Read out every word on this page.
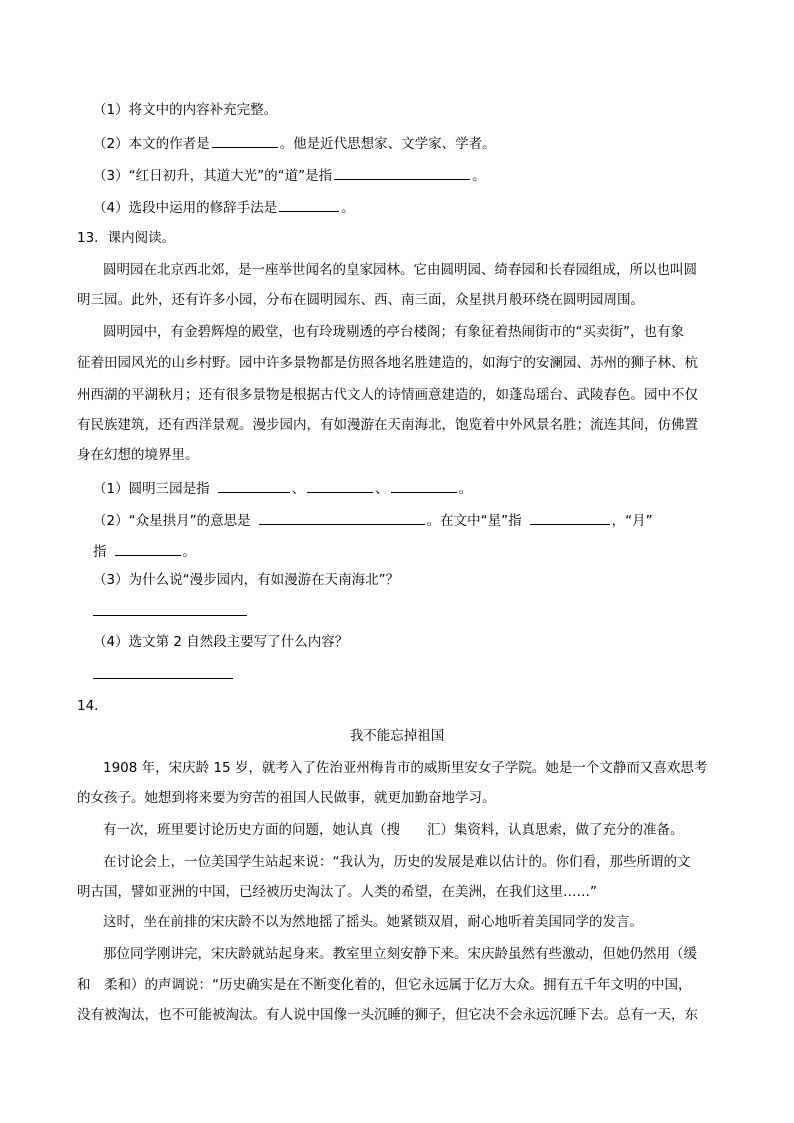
（1）将文中的内容补充完整。
（2）本文的作者是	。他是近代思想家、文学家、学者。
（3）“红日初升，其道大光”的“道”是指	。
（4）选段中运用的修辞手法是	。
13．课内阅读。
圆明园在北京西北郊，是一座举世闻名的皇家园林。它由圆明园、绮春园和长春园组成，所以也叫圆
明三园。此外，还有许多小园，分布在圆明园东、西、南三面，众星拱月般环绕在圆明园周围。
圆明园中，有金碧辉煌的殿堂，也有玲珑剔透的亭台楼阁；有象征着热闹街市的“买卖街”，也有象
征着田园风光的山乡村野。园中许多景物都是仿照各地名胜建造的，如海宁的安澜园、苏州的狮子林、杭
州西湖的平湖秋月；还有很多景物是根据古代文人的诗情画意建造的，如蓬岛瑶台、武陵春色。园中不仅
有民族建筑，还有西洋景观。漫步园内，有如漫游在天南海北，饱览着中外风景名胜；流连其间，仿佛置
身在幻想的境界里。
（1）圆明三园是指	、	、	。
（2）“众星拱月”的意思是	。在文中“星”指	，“月”
指	。
（3）为什么说“漫步园内，有如漫游在天南海北”？
（4）选文第 2 自然段主要写了什么内容？
14．
我不能忘掉祖国
1908 年，宋庆龄 15 岁，就考入了佐治亚州梅肯市的威斯里安女子学院。她是一个文静而又喜欢思考
的女孩子。她想到将来要为穷苦的祖国人民做事，就更加勤奋地学习。
有一次，班里要讨论历史方面的问题，她认真（搜　　汇）集资料，认真思索，做了充分的准备。
在讨论会上，一位美国学生站起来说：“我认为，历史的发展是难以估计的。你们看，那些所谓的文
明古国，譬如亚洲的中国，已经被历史淘汰了。人类的希望，在美洲，在我们这里……”
这时，坐在前排的宋庆龄不以为然地摇了摇头。她紧锁双眉，耐心地听着美国同学的发言。
那位同学刚讲完，宋庆龄就站起身来。教室里立刻安静下来。宋庆龄虽然有些激动，但她仍然用（缓
和　柔和）的声调说：“历史确实是在不断变化着的，但它永远属于亿万大众。拥有五千年文明的中国，
没有被淘汰，也不可能被淘汰。有人说中国像一头沉睡的狮子，但它决不会永远沉睡下去。总有一天，东
